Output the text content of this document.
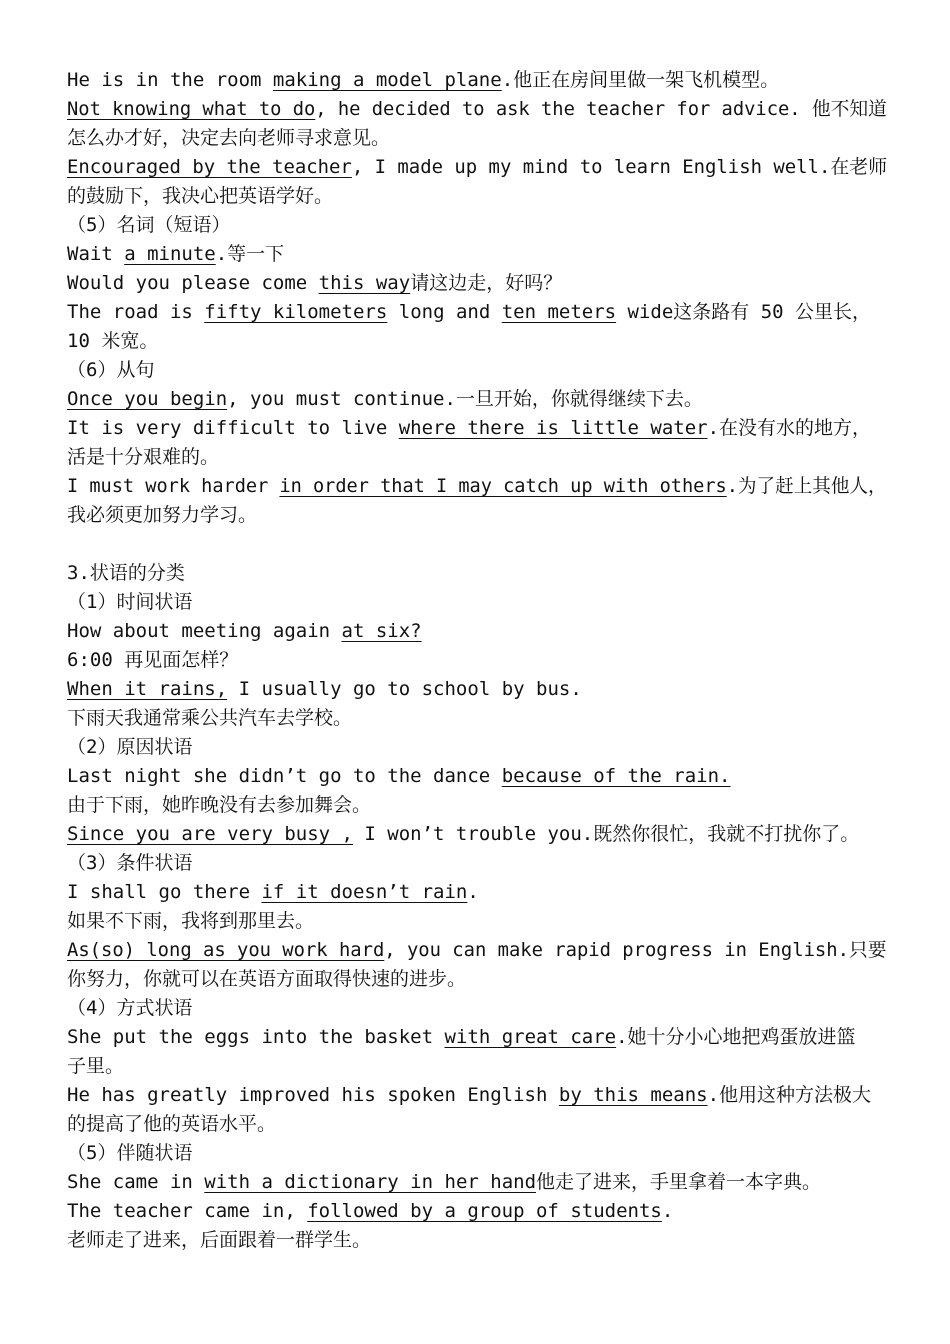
He is in the room making a model plane.他正在房间里做一架飞机模型。
Not knowing what to do, he decided to ask the teacher for advice. 他不知道
怎么办才好，决定去向老师寻求意见。
Encouraged by the teacher, I made up my mind to learn English well.在老师
的鼓励下，我决心把英语学好。
（5）名词（短语）
Wait a minute.等一下
Would you please come this way请这边走，好吗？
The road is fifty kilometers long and ten meters wide这条路有 50 公里长，
10 米宽。
（6）从句
Once you begin, you must continue.一旦开始，你就得继续下去。
It is very difficult to live where there is little water.在没有水的地方，
活是十分艰难的。
I must work harder in order that I may catch up with others.为了赶上其他人，
我必须更加努力学习。
3.状语的分类
（1）时间状语
How about meeting again at six?
6:00 再见面怎样？
When it rains, I usually go to school by bus.
下雨天我通常乘公共汽车去学校。
（2）原因状语
Last night she didn’t go to the dance because of the rain.
由于下雨，她昨晚没有去参加舞会。
Since you are very busy , I won’t trouble you.既然你很忙，我就不打扰你了。
（3）条件状语
I shall go there if it doesn’t rain.
如果不下雨，我将到那里去。
As(so) long as you work hard, you can make rapid progress in English.只要
你努力，你就可以在英语方面取得快速的进步。
（4）方式状语
She put the eggs into the basket with great care.她十分小心地把鸡蛋放进篮
子里。
He has greatly improved his spoken English by this means.他用这种方法极大
的提高了他的英语水平。
（5）伴随状语
She came in with a dictionary in her hand他走了进来，手里拿着一本字典。
The teacher came in, followed by a group of students.
老师走了进来，后面跟着一群学生。
